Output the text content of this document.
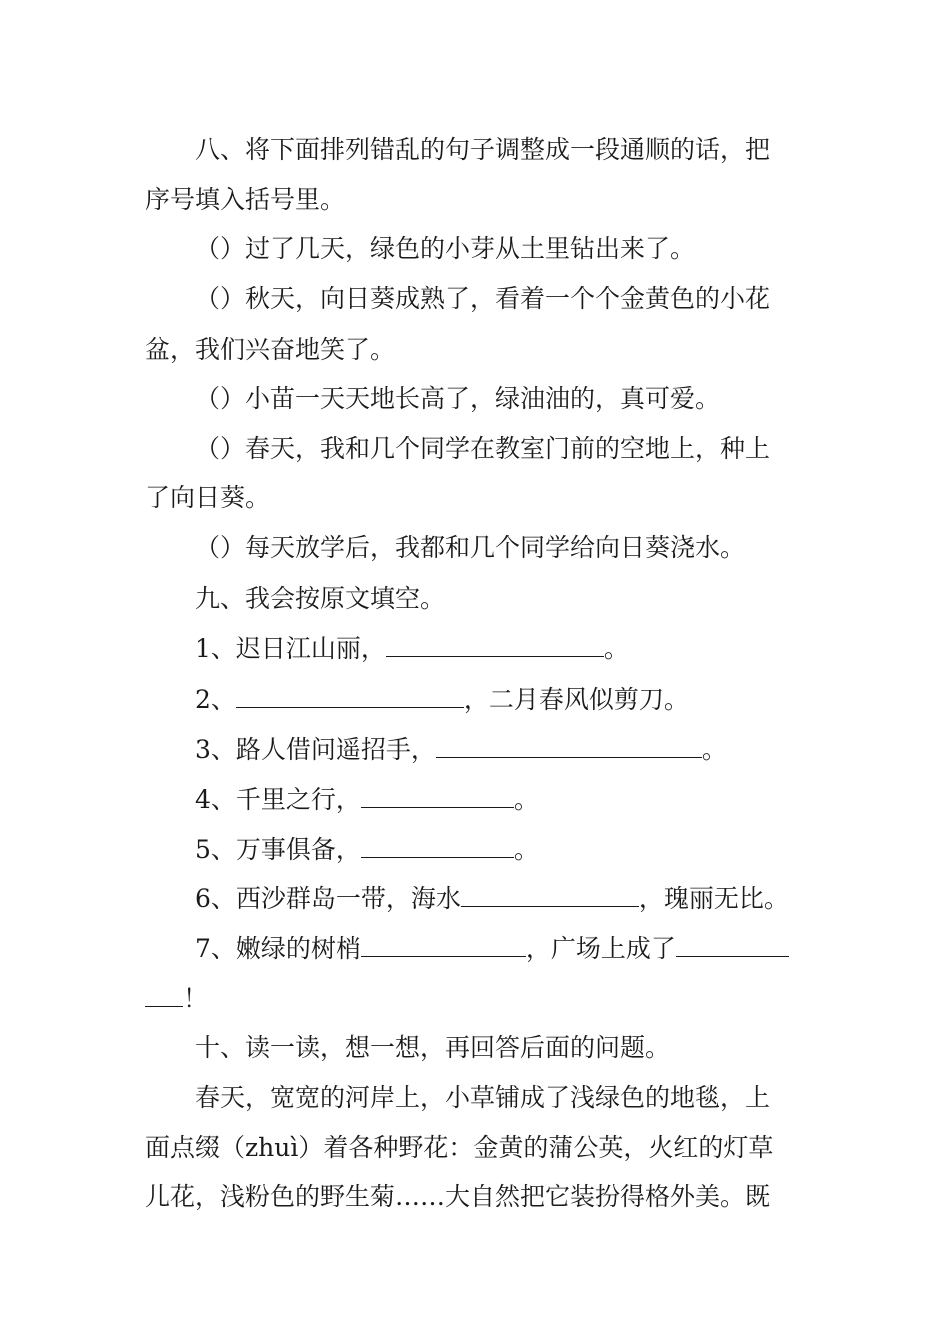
八、将下面排列错乱的句子调整成一段通顺的话，把
序号填入括号里。
（）过了几天，绿色的小芽从土里钻出来了。
（）秋天，向日葵成熟了，看着一个个金黄色的小花
盆，我们兴奋地笑了。
（）小苗一天天地长高了，绿油油的，真可爱。
（）春天，我和几个同学在教室门前的空地上，种上
了向日葵。
（）每天放学后，我都和几个同学给向日葵浇水。
九、我会按原文填空。
1、迟日江山丽，	。
2、	，二月春风似剪刀。
3、路人借问遥招手，	。
4、千里之行，	。
5、万事俱备，	。
6、西沙群岛一带，海水	，瑰丽无比。
7、嫩绿的树梢	，广场上成了
！
十、读一读，想一想，再回答后面的问题。
春天，宽宽的河岸上，小草铺成了浅绿色的地毯，上
面点缀（zhuì）着各种野花：金黄的蒲公英，火红的灯草
儿花，浅粉色的野生菊……大自然把它装扮得格外美。既
